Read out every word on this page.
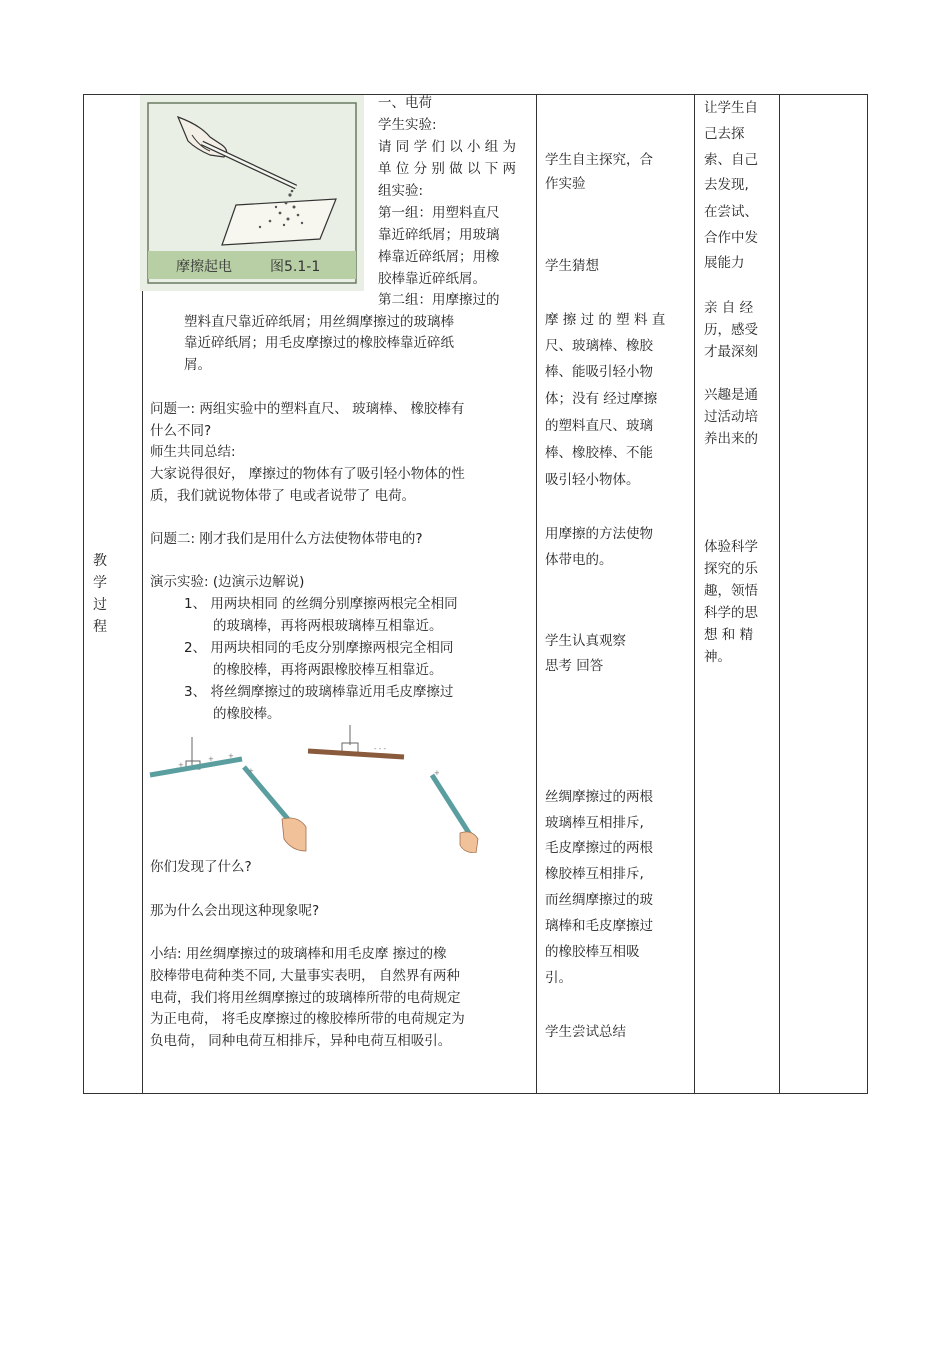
教
学
过
程
摩擦起电	图5.1-1
一、电荷
学生实验:
请 同 学 们 以 小 组 为
单 位 分 别 做 以 下 两
组实验:
第一组：用塑料直尺
靠近碎纸屑；用玻璃
棒靠近碎纸屑；用橡
胶棒靠近碎纸屑。
第二组：用摩擦过的
塑料直尺靠近碎纸屑；用丝绸摩擦过的玻璃棒
靠近碎纸屑；用毛皮摩擦过的橡胶棒靠近碎纸
屑。
问题一: 两组实验中的塑料直尺、 玻璃棒、 橡胶棒有
什么不同?
师生共同总结:
大家说得很好， 摩擦过的物体有了吸引轻小物体的性
质，我们就说物体带了 电或者说带了 电荷。
问题二: 刚才我们是用什么方法使物体带电的?
演示实验: (边演示边解说)
1、 用两块相同 的丝绸分别摩擦两根完全相同
的玻璃棒，再将两根玻璃棒互相靠近。
2、 用两块相同的毛皮分别摩擦两根完全相同
的橡胶棒，再将两跟橡胶棒互相靠近。
3、 将丝绸摩擦过的玻璃棒靠近用毛皮摩擦过
的橡胶棒。
+
+ +
+
- - -
+
你们发现了什么?
那为什么会出现这种现象呢?
小结: 用丝绸摩擦过的玻璃棒和用毛皮摩 擦过的橡
胶棒带电荷种类不同, 大量事实表明， 自然界有两种
电荷，我们将用丝绸摩擦过的玻璃棒所带的电荷规定
为正电荷， 将毛皮摩擦过的橡胶棒所带的电荷规定为
负电荷， 同种电荷互相排斥，异种电荷互相吸引。
学生自主探究，合
作实验
学生猜想
摩 擦 过 的 塑 料 直
尺、玻璃棒、橡胶
棒、能吸引轻小物
体；没有 经过摩擦
的塑料直尺、玻璃
棒、橡胶棒、不能
吸引轻小物体。
用摩擦的方法使物
体带电的。
学生认真观察
思考 回答
丝绸摩擦过的两根
玻璃棒互相排斥,
毛皮摩擦过的两根
橡胶棒互相排斥,
而丝绸摩擦过的玻
璃棒和毛皮摩擦过
的橡胶棒互相吸
引。
学生尝试总结
让学生自
己去探
索、自己
去发现,
在尝试、
合作中发
展能力
亲 自 经
历，感受
才最深刻
兴趣是通
过活动培
养出来的
体验科学
探究的乐
趣，领悟
科学的思
想 和 精
神。
